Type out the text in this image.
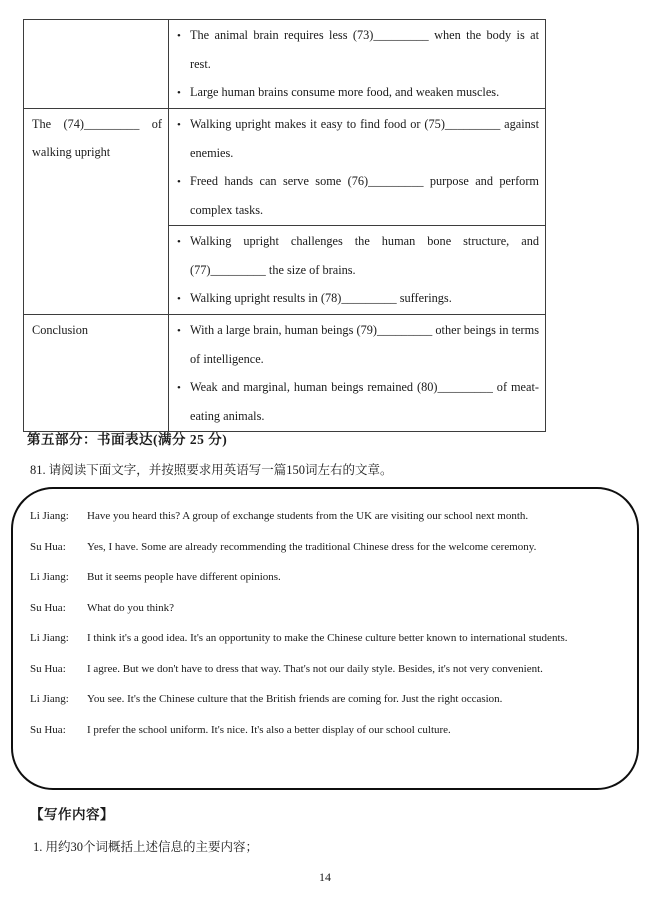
	• The animal brain requires less (73)_________ when the body is at rest.
• Large human brains consume more food, and weaken muscles.

The (74)_________ of walking upright	• Walking upright makes it easy to find food or (75)_________ against enemies.
• Freed hands can serve some (76)_________ purpose and perform complex tasks.

	• Walking upright challenges the human bone structure, and (77)_________ the size of brains.
• Walking upright results in (78)_________ sufferings.

Conclusion	• With a large brain, human beings (79)_________ other beings in terms of intelligence.
• Weak and marginal, human beings remained (80)_________ of meat-eating animals.
第五部分：书面表达(满分 25 分)
81. 请阅读下面文字，并按照要求用英语写一篇150词左右的文章。
Li Jiang: Have you heard this? A group of exchange students from the UK are visiting our school next month.
Su Hua: Yes, I have. Some are already recommending the traditional Chinese dress for the welcome ceremony.
Li Jiang: But it seems people have different opinions.
Su Hua: What do you think?
Li Jiang: I think it's a good idea. It's an opportunity to make the Chinese culture better known to international students.
Su Hua: I agree. But we don't have to dress that way. That's not our daily style. Besides, it's not very convenient.
Li Jiang: You see. It's the Chinese culture that the British friends are coming for. Just the right occasion.
Su Hua: I prefer the school uniform. It's nice. It's also a better display of our school culture.
【写作内容】
1. 用约30个词概括上述信息的主要内容；
14
